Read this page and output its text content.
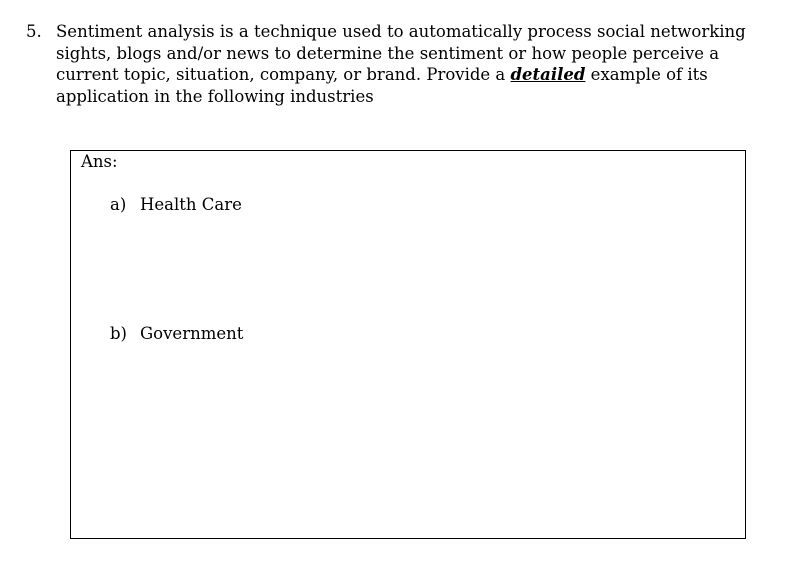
5. Sentiment analysis is a technique used to automatically process social networking sights, blogs and/or news to determine the sentiment or how people perceive a current topic, situation, company, or brand. Provide a detailed example of its application in the following industries
Ans:
a) Health Care
b) Government
